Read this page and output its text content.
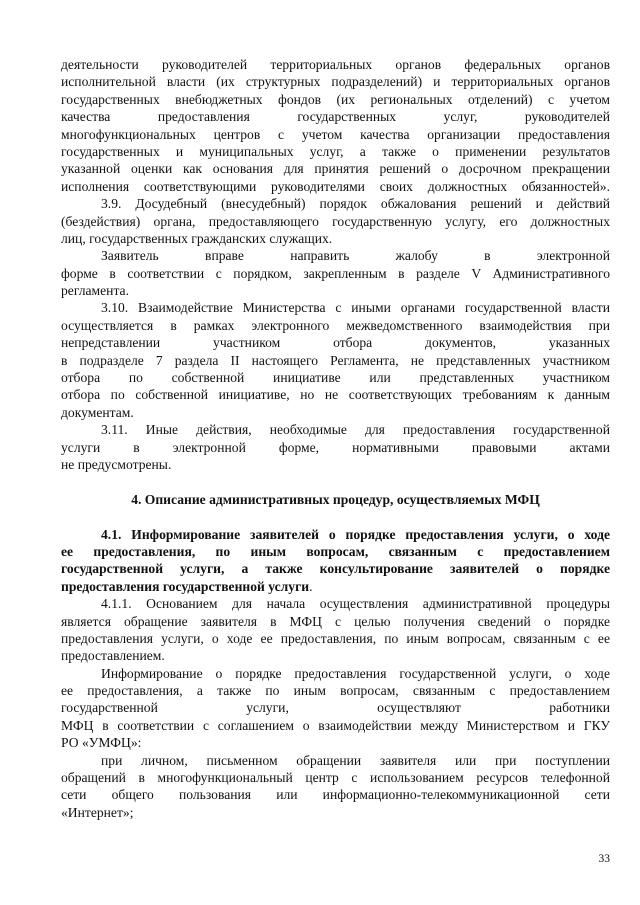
деятельности руководителей территориальных органов федеральных органов
исполнительной власти (их структурных подразделений) и территориальных органов
государственных внебюджетных фондов (их региональных отделений) с учетом
качества предоставления государственных услуг, руководителей
многофункциональных центров с учетом качества организации предоставления
государственных и муниципальных услуг, а также о применении результатов
указанной оценки как основания для принятия решений о досрочном прекращении
исполнения соответствующими руководителями своих должностных обязанностей».
3.9. Досудебный (внесудебный) порядок обжалования решений и действий
(бездействия) органа, предоставляющего государственную услугу, его должностных
лиц, государственных гражданских служащих.
Заявитель вправе направить жалобу в электронной
форме в соответствии с порядком, закрепленным в разделе V Административного
регламента.
3.10. Взаимодействие Министерства с иными органами государственной власти
осуществляется в рамках электронного межведомственного взаимодействия при
непредставлении участником отбора документов, указанных
в подразделе 7 раздела II настоящего Регламента, не представленных участником
отбора по собственной инициативе или представленных участником
отбора по собственной инициативе, но не соответствующих требованиям к данным
документам.
3.11. Иные действия, необходимые для предоставления государственной
услуги в электронной форме, нормативными правовыми актами
не предусмотрены.
4. Описание административных процедур, осуществляемых МФЦ
4.1. Информирование заявителей о порядке предоставления услуги, о ходе
ее предоставления, по иным вопросам, связанным с предоставлением
государственной услуги, а также консультирование заявителей о порядке
предоставления государственной услуги.
4.1.1. Основанием для начала осуществления административной процедуры
является обращение заявителя в МФЦ с целью получения сведений о порядке
предоставления услуги, о ходе ее предоставления, по иным вопросам, связанным с ее
предоставлением.
Информирование о порядке предоставления государственной услуги, о ходе
ее предоставления, а также по иным вопросам, связанным с предоставлением
государственной услуги, осуществляют работники
МФЦ в соответствии с соглашением о взаимодействии между Министерством и ГКУ
РО «УМФЦ»:
при личном, письменном обращении заявителя или при поступлении
обращений в многофункциональный центр с использованием ресурсов телефонной
сети общего пользования или информационно-телекоммуникационной сети
«Интернет»;
33
